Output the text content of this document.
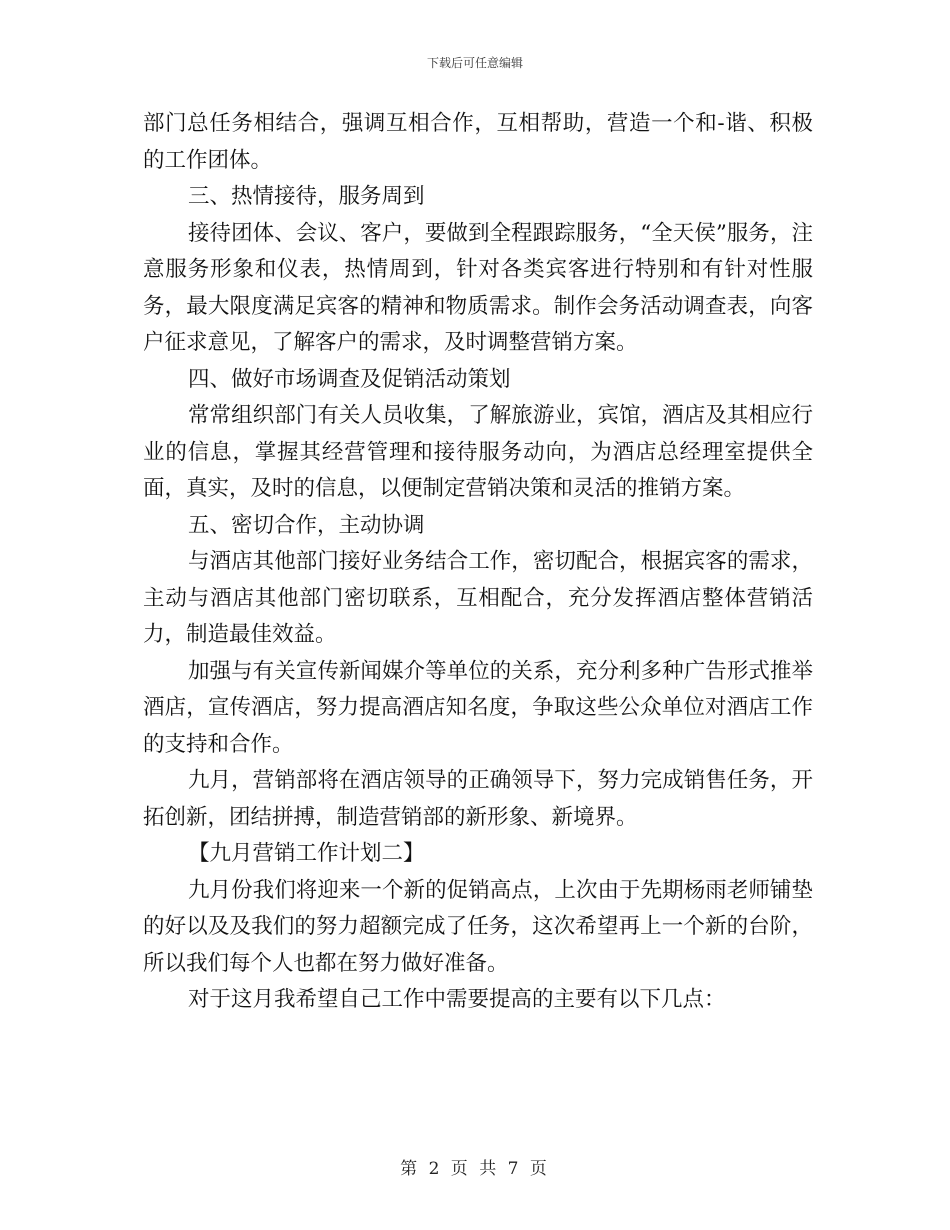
下载后可任意编辑

部门总任务相结合，强调互相合作，互相帮助，营造一个和-谐、积极的工作团体。

三、热情接待，服务周到

接待团体、会议、客户，要做到全程跟踪服务，“全天侯”服务，注意服务形象和仪表，热情周到，针对各类宾客进行特别和有针对性服务，最大限度满足宾客的精神和物质需求。制作会务活动调查表，向客户征求意见，了解客户的需求，及时调整营销方案。

四、做好市场调查及促销活动策划

常常组织部门有关人员收集，了解旅游业，宾馆，酒店及其相应行业的信息，掌握其经营管理和接待服务动向，为酒店总经理室提供全面，真实，及时的信息，以便制定营销决策和灵活的推销方案。

五、密切合作，主动协调

与酒店其他部门接好业务结合工作，密切配合，根据宾客的需求，主动与酒店其他部门密切联系，互相配合，充分发挥酒店整体营销活力，制造最佳效益。

加强与有关宣传新闻媒介等单位的关系，充分利多种广告形式推举酒店，宣传酒店，努力提高酒店知名度，争取这些公众单位对酒店工作的支持和合作。

九月，营销部将在酒店领导的正确领导下，努力完成销售任务，开拓创新，团结拼搏，制造营销部的新形象、新境界。

【九月营销工作计划二】

九月份我们将迎来一个新的促销高点，上次由于先期杨雨老师铺垫的好以及及我们的努力超额完成了任务，这次希望再上一个新的台阶，所以我们每个人也都在努力做好准备。

对于这月我希望自己工作中需要提高的主要有以下几点：

第 2 页 共 7 页
